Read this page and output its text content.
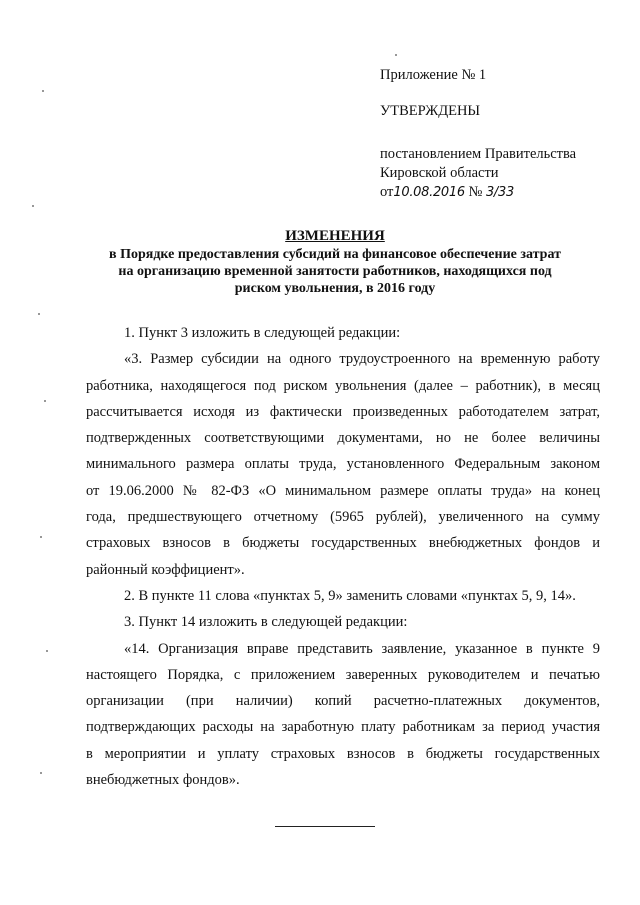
Приложение № 1
УТВЕРЖДЕНЫ
постановлением Правительства
Кировской области
от10.08.2016 № 3/33
ИЗМЕНЕНИЯ
в Порядке предоставления субсидий на финансовое обеспечение затрат
на организацию временной занятости работников, находящихся под
риском увольнения, в 2016 году

1. Пункт 3 изложить в следующей редакции:

«3. Размер субсидии на одного трудоустроенного на временную работу
работника, находящегося под риском увольнения (далее – работник), в месяц
рассчитывается исходя из фактически произведенных работодателем затрат,
подтвержденных соответствующими документами, но не более величины
минимального размера оплаты труда, установленного Федеральным законом
от 19.06.2000 № 82-ФЗ «О минимальном размере оплаты труда» на конец
года, предшествующего отчетному (5965 рублей), увеличенного на сумму
страховых взносов в бюджеты государственных внебюджетных фондов и
районный коэффициент».

2. В пункте 11 слова «пунктах 5, 9» заменить словами «пунктах 5, 9, 14».

3. Пункт 14 изложить в следующей редакции:

«14. Организация вправе представить заявление, указанное в пункте 9
настоящего Порядка, с приложением заверенных руководителем и печатью
организации (при наличии) копий расчетно-платежных документов,
подтверждающих расходы на заработную плату работникам за период участия
в мероприятии и уплату страховых взносов в бюджеты государственных
внебюджетных фондов».
